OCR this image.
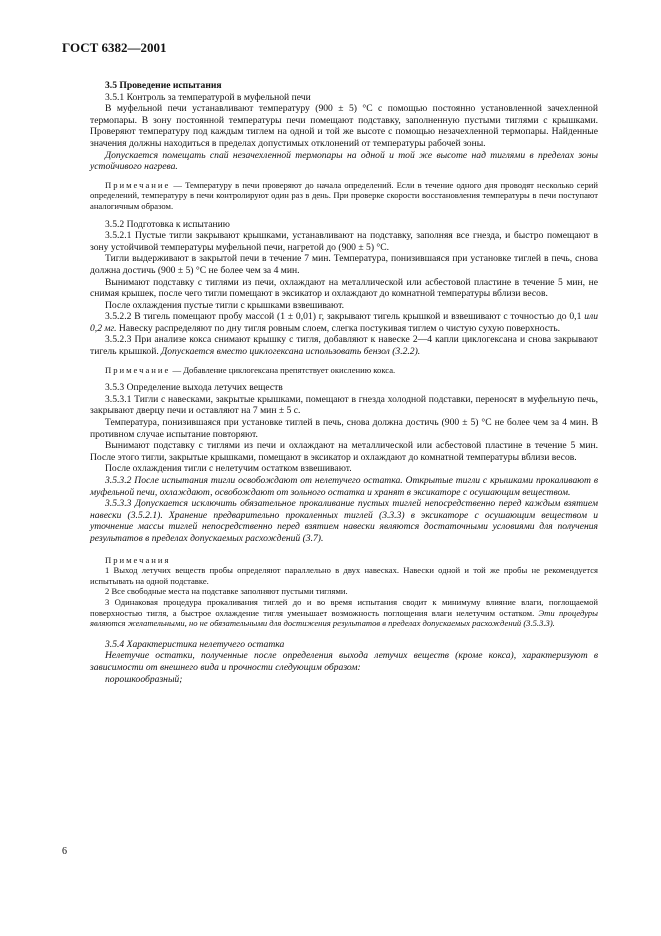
ГОСТ 6382—2001

3.5 Проведение испытания

3.5.1 Контроль за температурой в муфельной печи

В муфельной печи устанавливают температуру (900 ± 5) °С с помощью постоянно установленной зачехленной термопары. В зону постоянной температуры печи помещают подставку, заполненную пустыми тиглями с крышками. Проверяют температуру под каждым тиглем на одной и той же высоте с помощью незачехленной термопары. Найденные значения должны находиться в пределах допустимых отклонений от температуры рабочей зоны.

Допускается помещать спай незачехленной термопары на одной и той же высоте над тиглями в пределах зоны устойчивого нагрева.

Примечание — Температуру в печи проверяют до начала определений. Если в течение одного дня проводят несколько серий определений, температуру в печи контролируют один раз в день. При проверке скорости восстановления температуры в печи поступают аналогичным образом.

3.5.2 Подготовка к испытанию

3.5.2.1 Пустые тигли закрывают крышками, устанавливают на подставку, заполняя все гнезда, и быстро помещают в зону устойчивой температуры муфельной печи, нагретой до (900 ± 5) °С.

Тигли выдерживают в закрытой печи в течение 7 мин. Температура, понизившаяся при установке тиглей в печь, снова должна достичь (900 ± 5) °С не более чем за 4 мин.

Вынимают подставку с тиглями из печи, охлаждают на металлической или асбестовой пластине в течение 5 мин, не снимая крышек, после чего тигли помещают в эксикатор и охлаждают до комнатной температуры вблизи весов.

После охлаждения пустые тигли с крышками взвешивают.

3.5.2.2 В тигель помещают пробу массой (1 ± 0,01) г, закрывают тигель крышкой и взвешивают с точностью до 0,1 или 0,2 мг. Навеску распределяют по дну тигля ровным слоем, слегка постукивая тиглем о чистую сухую поверхность.

3.5.2.3 При анализе кокса снимают крышку с тигля, добавляют к навеске 2—4 капли циклогексана и снова закрывают тигель крышкой. Допускается вместо циклогексана использовать бензол (3.2.2).

Примечание — Добавление циклогексана препятствует окислению кокса.

3.5.3 Определение выхода летучих веществ

3.5.3.1 Тигли с навесками, закрытые крышками, помещают в гнезда холодной подставки, переносят в муфельную печь, закрывают дверцу печи и оставляют на 7 мин ± 5 с.

Температура, понизившаяся при установке тиглей в печь, снова должна достичь (900 ± 5) °С не более чем за 4 мин. В противном случае испытание повторяют.

Вынимают подставку с тиглями из печи и охлаждают на металлической или асбестовой пластине в течение 5 мин. После этого тигли, закрытые крышками, помещают в эксикатор и охлаждают до комнатной температуры вблизи весов.

После охлаждения тигли с нелетучим остатком взвешивают.

3.5.3.2 После испытания тигли освобождают от нелетучего остатка. Открытые тигли с крышками прокаливают в муфельной печи, охлаждают, освобождают от зольного остатка и хранят в эксикаторе с осушающим веществом.

3.5.3.3 Допускается исключить обязательное прокаливание пустых тиглей непосредственно перед каждым взятием навески (3.5.2.1). Хранение предварительно прокаленных тиглей (3.3.3) в эксикаторе с осушающим веществом и уточнение массы тиглей непосредственно перед взятием навески являются достаточными условиями для получения результатов в пределах допускаемых расхождений (3.7).

Примечания

1 Выход летучих веществ пробы определяют параллельно в двух навесках. Навески одной и той же пробы не рекомендуется испытывать на одной подставке.

2 Все свободные места на подставке заполняют пустыми тиглями.

3 Одинаковая процедура прокаливания тиглей до и во время испытания сводит к минимуму влияние влаги, поглощаемой поверхностью тигля, а быстрое охлаждение тигля уменьшает возможность поглощения влаги нелетучим остатком. Эти процедуры являются желательными, но не обязательными для достижения результатов в пределах допускаемых расхождений (3.5.3.3).

3.5.4 Характеристика нелетучего остатка

Нелетучие остатки, полученные после определения выхода летучих веществ (кроме кокса), характеризуют в зависимости от внешнего вида и прочности следующим образом:

порошкообразный;

6
